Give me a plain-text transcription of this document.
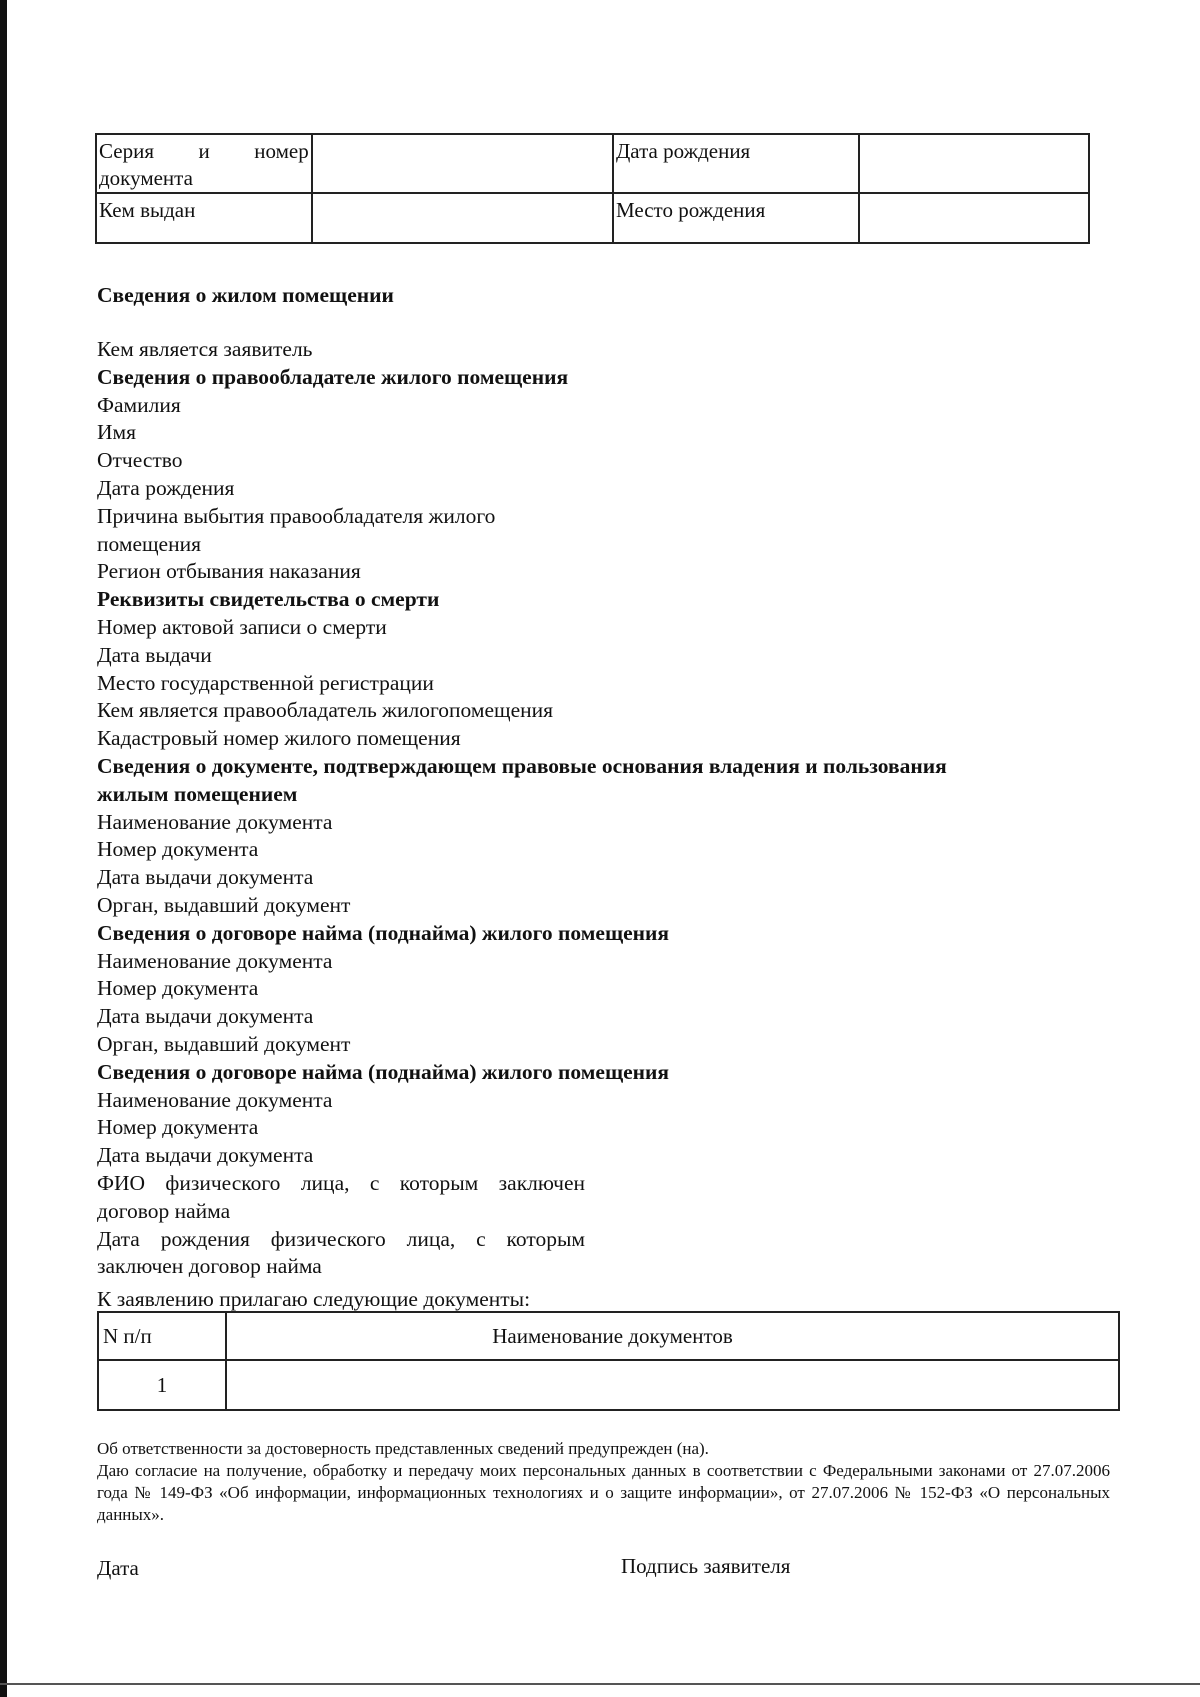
Серия и номер
документа		Дата рождения	
Кем выдан		Место рождения	
Сведения о жилом помещении
Кем является заявитель
Сведения о правообладателе жилого помещения
Фамилия
Имя
Отчество
Дата рождения
Причина выбытия правообладателя жилого
помещения
Регион отбывания наказания
Реквизиты свидетельства о смерти
Номер актовой записи о смерти
Дата выдачи
Место государственной регистрации
Кем является правообладатель жилогопомещения
Кадастровый номер жилого помещения
Сведения о документе, подтверждающем правовые основания владения и пользования
жилым помещением
Наименование документа
Номер документа
Дата выдачи документа
Орган, выдавший документ
Сведения о договоре найма (поднайма) жилого помещения
Наименование документа
Номер документа
Дата выдачи документа
Орган, выдавший документ
Сведения о договоре найма (поднайма) жилого помещения
Наименование документа
Номер документа
Дата выдачи документа
ФИО физического лица, с которым заключен
договор найма
Дата рождения физического лица, с которым
заключен договор найма
К заявлению прилагаю следующие документы:
N п/п	Наименование документов
1	

Об ответственности за достоверность представленных сведений предупрежден (на).

Даю согласие на получение, обработку и передачу моих персональных данных в соответствии с Федеральными законами от 27.07.2006 года № 149-ФЗ «Об информации, информационных технологиях и о защите информации», от 27.07.2006 № 152-ФЗ «О персональных данных».

Дата	Подпись заявителя
